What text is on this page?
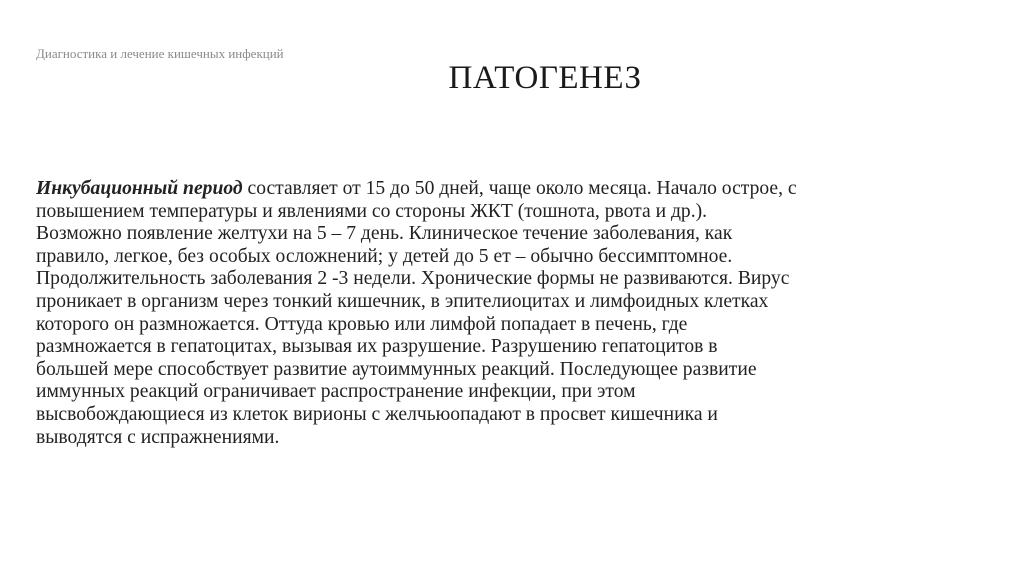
Диагностика и лечение кишечных инфекций
ПАТОГЕНЕЗ
Инкубационный период составляет от 15 до 50 дней, чаще около месяца. Начало острое, с
повышением температуры и явлениями со стороны ЖКТ (тошнота, рвота и др.).
Возможно появление желтухи на 5 – 7 день. Клиническое течение заболевания, как
правило, легкое, без особых осложнений; у детей до 5 ет – обычно бессимптомное.
Продолжительность заболевания 2 -3 недели. Хронические формы не развиваются. Вирус
проникает в организм через тонкий кишечник, в эпителиоцитах и лимфоидных клетках
которого он размножается. Оттуда кровью или лимфой попадает в печень, где
размножается в гепатоцитах, вызывая их разрушение. Разрушению гепатоцитов в
большей мере способствует развитие аутоиммунных реакций. Последующее развитие
иммунных реакций ограничивает распространение инфекции, при этом
высвобождающиеся из клеток вирионы с желчьюопадают в просвет кишечника и
выводятся с испражнениями.
